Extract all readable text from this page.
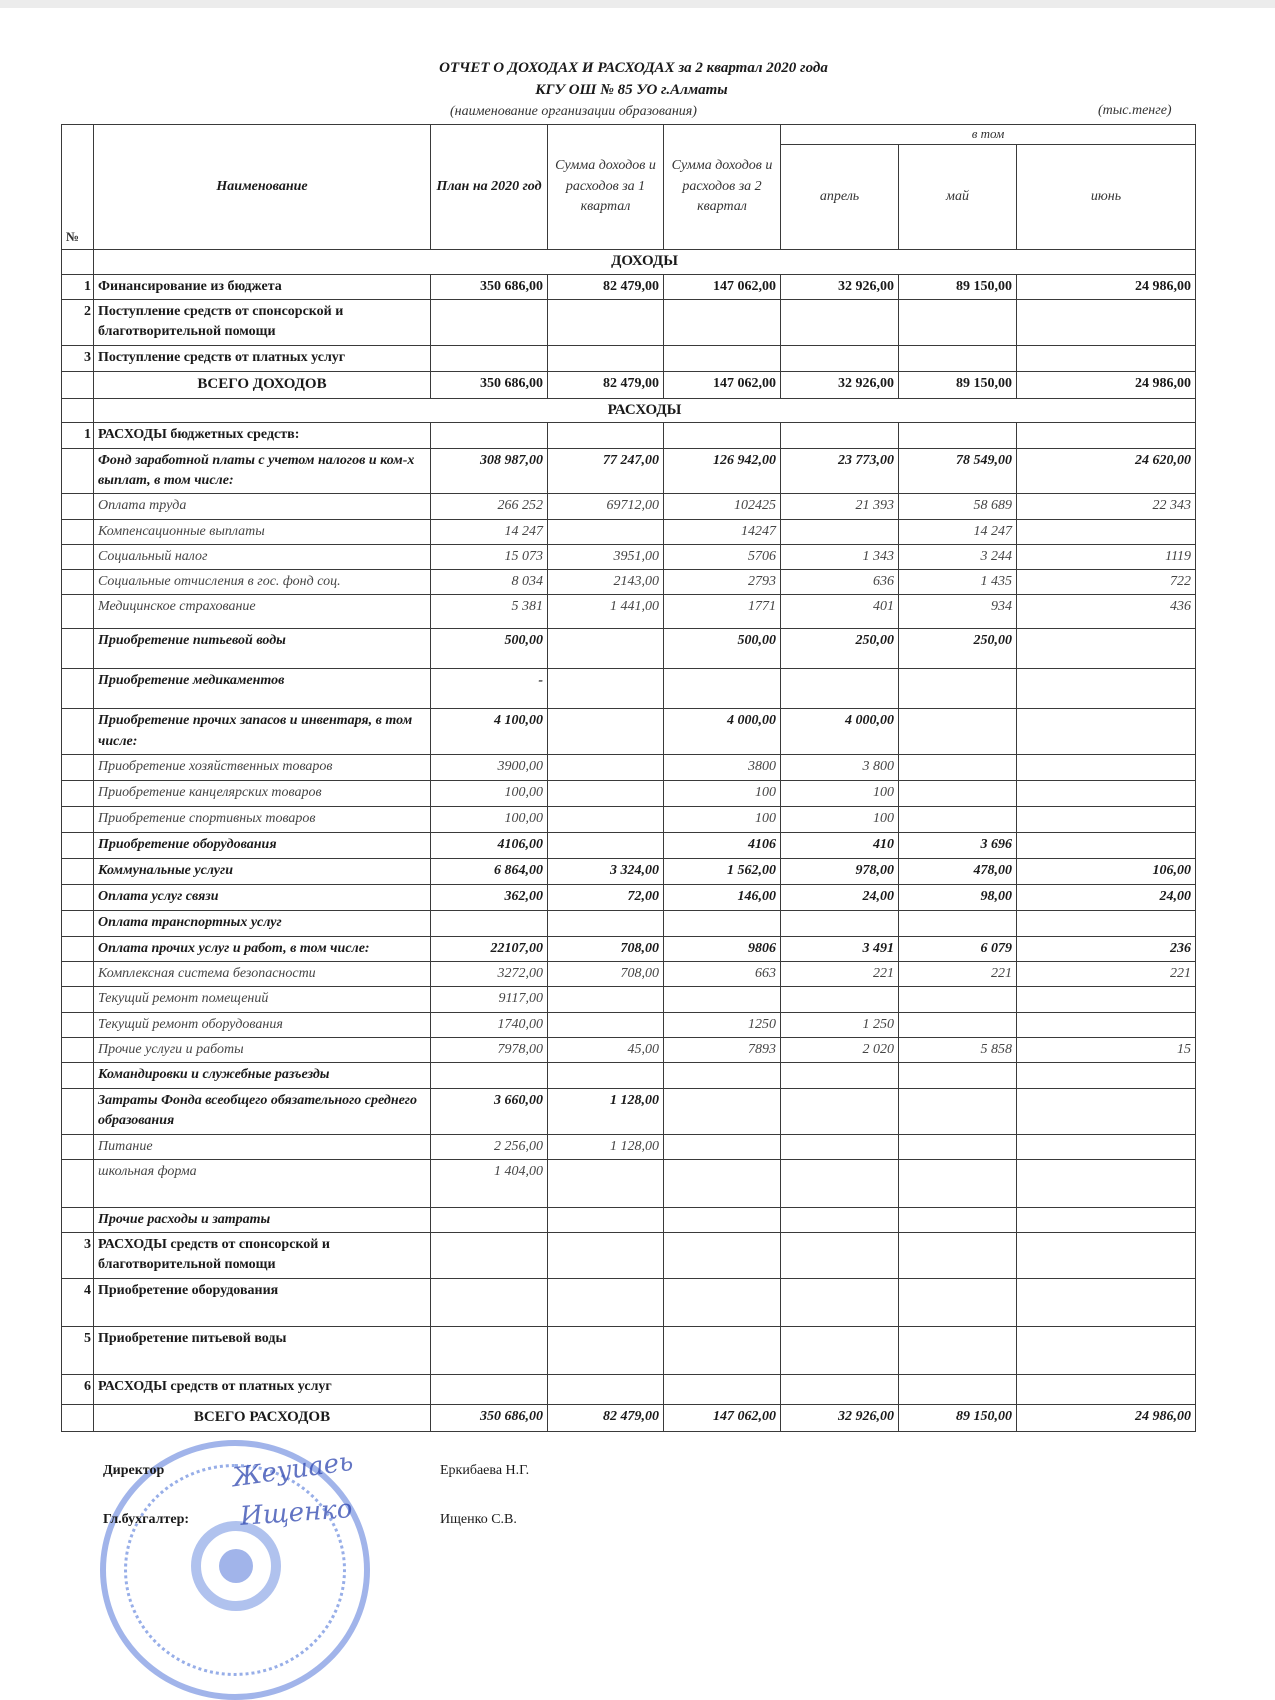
ОТЧЕТ О ДОХОДАХ И РАСХОДАХ за 2 квартал 2020 года
КГУ ОШ № 85 УО г.Алматы
(наименование организации образования)	(тыс.тенге)
№	Наименование	План на 2020 год	Сумма доходов и расходов за 1 квартал	Сумма доходов и расходов за 2 квартал	в том		
					апрель	май	июнь
	ДОХОДЫ						
1	Финансирование из бюджета	350 686,00	82 479,00	147 062,00	32 926,00	89 150,00	24 986,00
2	Поступление средств от спонсорской и благотворительной помощи						
3	Поступление средств от платных услуг						
	ВСЕГО ДОХОДОВ	350 686,00	82 479,00	147 062,00	32 926,00	89 150,00	24 986,00
	РАСХОДЫ						
1	РАСХОДЫ бюджетных средств:						
	Фонд заработной платы с учетом налогов и ком-х выплат, в том числе:	308 987,00	77 247,00	126 942,00	23 773,00	78 549,00	24 620,00
	Оплата труда	266 252	69712,00	102425	21 393	58 689	22 343
	Компенсационные выплаты	14 247		14247		14 247	
	Социальный налог	15 073	3951,00	5706	1 343	3 244	1119
	Социальные отчисления в гос. фонд соц.	8 034	2143,00	2793	636	1 435	722
	Медицинское страхование	5 381	1 441,00	1771	401	934	436
	Приобретение питьевой воды	500,00		500,00	250,00	250,00	
	Приобретение медикаментов	-					
	Приобретение прочих запасов и инвентаря, в том числе:	4 100,00		4 000,00	4 000,00		
	Приобретение хозяйственных товаров	3900,00		3800	3 800		
	Приобретение канцелярских товаров	100,00		100	100		
	Приобретение спортивных товаров	100,00		100	100		
	Приобретение оборудования	4106,00		4106	410	3 696	
	Коммунальные услуги	6 864,00	3 324,00	1 562,00	978,00	478,00	106,00
	Оплата услуг связи	362,00	72,00	146,00	24,00	98,00	24,00
	Оплата транспортных услуг						
	Оплата прочих услуг и работ, в том числе:	22107,00	708,00	9806	3 491	6 079	236
	Комплексная система безопасности	3272,00	708,00	663	221	221	221
	Текущий ремонт помещений	9117,00					
	Текущий ремонт оборудования	1740,00		1250	1 250		
	Прочие услуги и работы	7978,00	45,00	7893	2 020	5 858	15
	Командировки и служебные разъезды						
	Затраты Фонда всеобщего обязательного среднего образования	3 660,00	1 128,00				
	Питание	2 256,00	1 128,00				
	школьная форма	1 404,00					
	Прочие расходы и затраты						
3	РАСХОДЫ средств от спонсорской и благотворительной помощи						
4	Приобретение оборудования						
5	Приобретение питьевой воды						
6	РАСХОДЫ средств от платных услуг						
	ВСЕГО РАСХОДОВ	350 686,00	82 479,00	147 062,00	32 926,00	89 150,00	24 986,00
Жеуиаеь
Ищенко
Директор	Еркибаева Н.Г.
Гл.бухгалтер:	Ищенко С.В.
